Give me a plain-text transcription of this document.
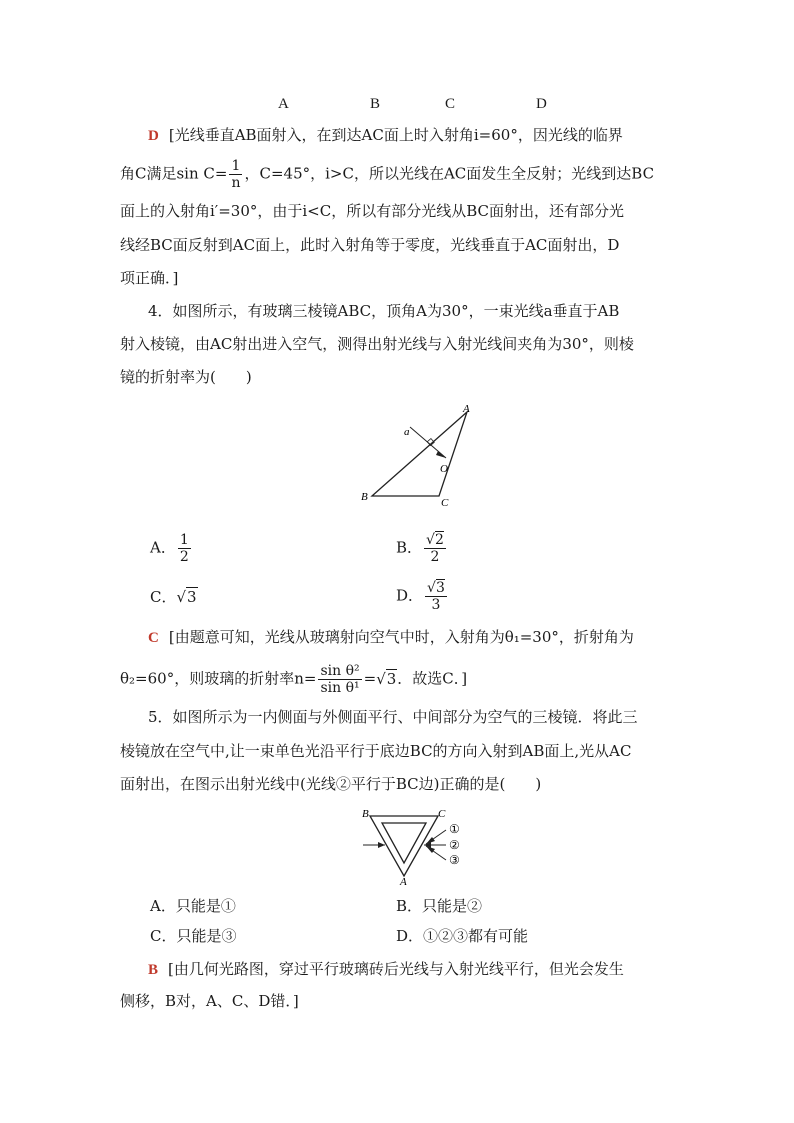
A	B	C	D
D [光线垂直AB面射入，在到达AC面上时入射角i=60°，因光线的临界
角C满足$\sin C= \frac{1}{n}$ ，C=45°，i>C，所以光线在AC面发生全反射；光线到达BC
面上的入射角i′=30°，由于i<C，所以有部分光线从BC面射出，还有部分光
线经BC面反射到AC面上，此时入射角等于零度，光线垂直于AC面射出，D
项正确．]
4．如图所示，有玻璃三棱镜ABC，顶角A为30°，一束光线a垂直于AB
射入棱镜，由AC射出进入空气，测得出射光线与入射光线间夹角为30°，则棱
镜的折射率为(　　)
A
B	C
O
a
A． $\frac{1}{2}$	B． $\frac{√2}{2}$
C．√3	D． $\frac{√3}{3}$
C [由题意可知，光线从玻璃射向空气中时，入射角为θ₁=30°，折射角为
θ₂=60°，则玻璃的折射率$n= \frac{\text{sin θ²}}{\text{sin θ¹}} =√3$．故选C．]
5．如图所示为一内侧面与外侧面平行、中间部分为空气的三棱镜．将此三
棱镜放在空气中,让一束单色光沿平行于底边BC的方向入射到AB面上,光从AC
面射出，在图示出射光线中(光线②平行于BC边)正确的是(　　)
B	C
A
①
②
③
A．只能是①	B．只能是②
C．只能是③	D．①②③都有可能
B [由几何光路图，穿过平行玻璃砖后光线与入射光线平行，但光会发生
侧移，B对，A、C、D错．]
